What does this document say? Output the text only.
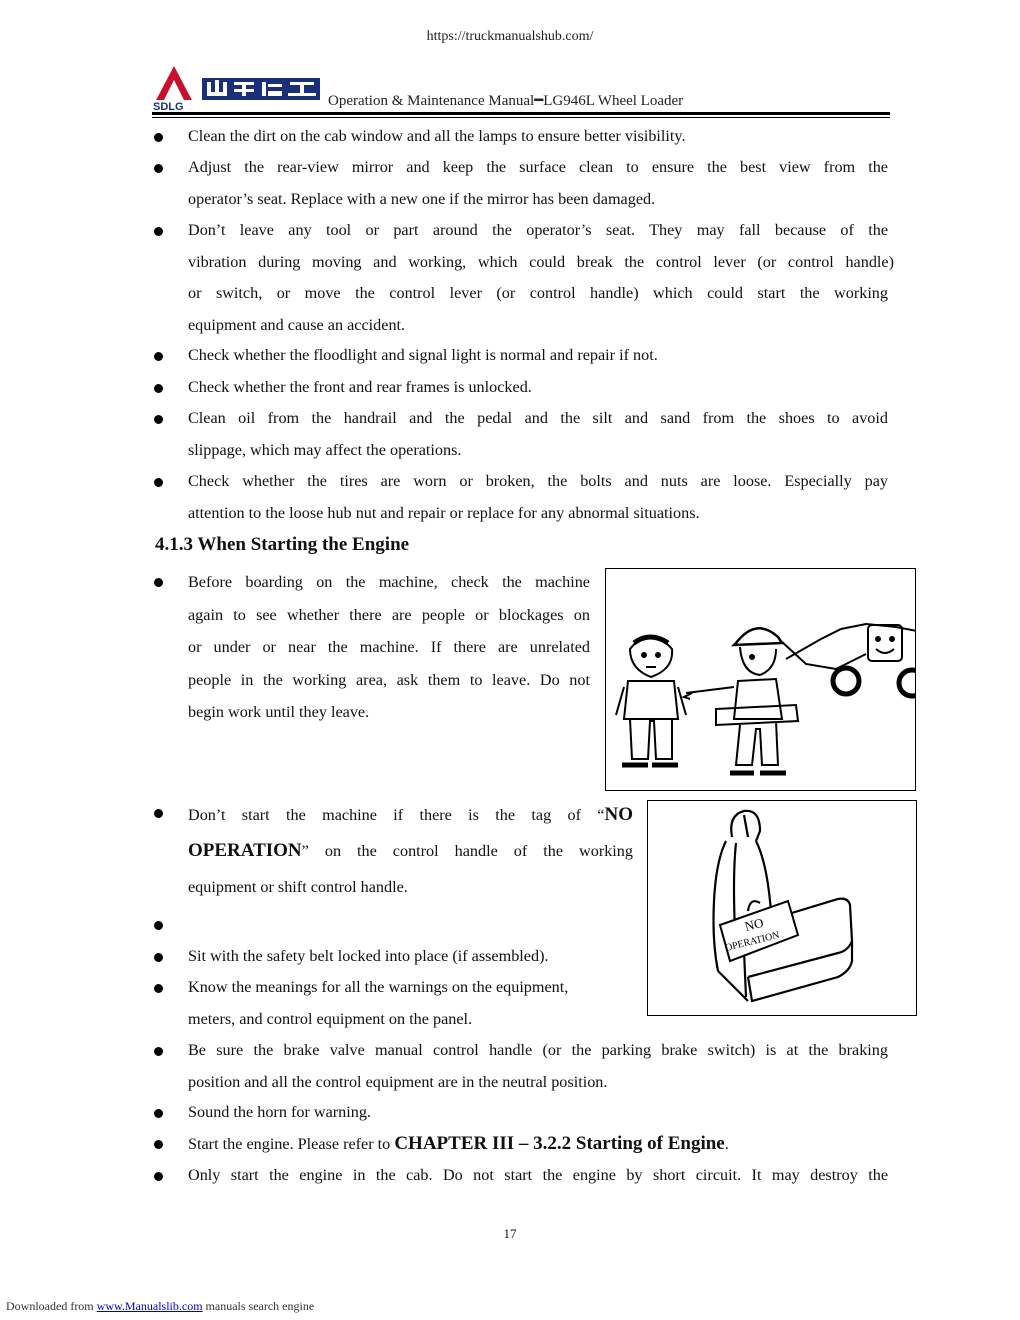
https://truckmanualshub.com/
SDLG	Operation & Maintenance Manual━LG946L Wheel Loader
Clean the dirt on the cab window and all the lamps to ensure better visibility.
Adjust the rear-view mirror and keep the surface clean to ensure the best view from the
operator’s seat. Replace with a new one if the mirror has been damaged.
Don’t leave any tool or part around the operator’s seat. They may fall because of the
vibration during moving and working, which could break the control lever (or control handle)
or switch, or move the control lever (or control handle) which could start the working
equipment and cause an accident.
Check whether the floodlight and signal light is normal and repair if not.
Check whether the front and rear frames is unlocked.
Clean oil from the handrail and the pedal and the silt and sand from the shoes to avoid
slippage, which may affect the operations.
Check whether the tires are worn or broken, the bolts and nuts are loose. Especially pay
attention to the loose hub nut and repair or replace for any abnormal situations.
4.1.3 When Starting the Engine
Before boarding on the machine, check the machine
again to see whether there are people or blockages on
or under or near the machine. If there are unrelated
people in the working area, ask them to leave. Do not
begin work until they leave.
Don’t start the machine if there is the tag of “NO
OPERATION” on the control handle of the working
equipment or shift control handle.
NO
OPERATION
Sit with the safety belt locked into place (if assembled).
Know the meanings for all the warnings on the equipment,
meters, and control equipment on the panel.
Be sure the brake valve manual control handle (or the parking brake switch) is at the braking
position and all the control equipment are in the neutral position.
Sound the horn for warning.
Start the engine. Please refer to CHAPTER III – 3.2.2 Starting of Engine.
Only start the engine in the cab. Do not start the engine by short circuit. It may destroy the
17
Downloaded from www.Manualslib.com manuals search engine
